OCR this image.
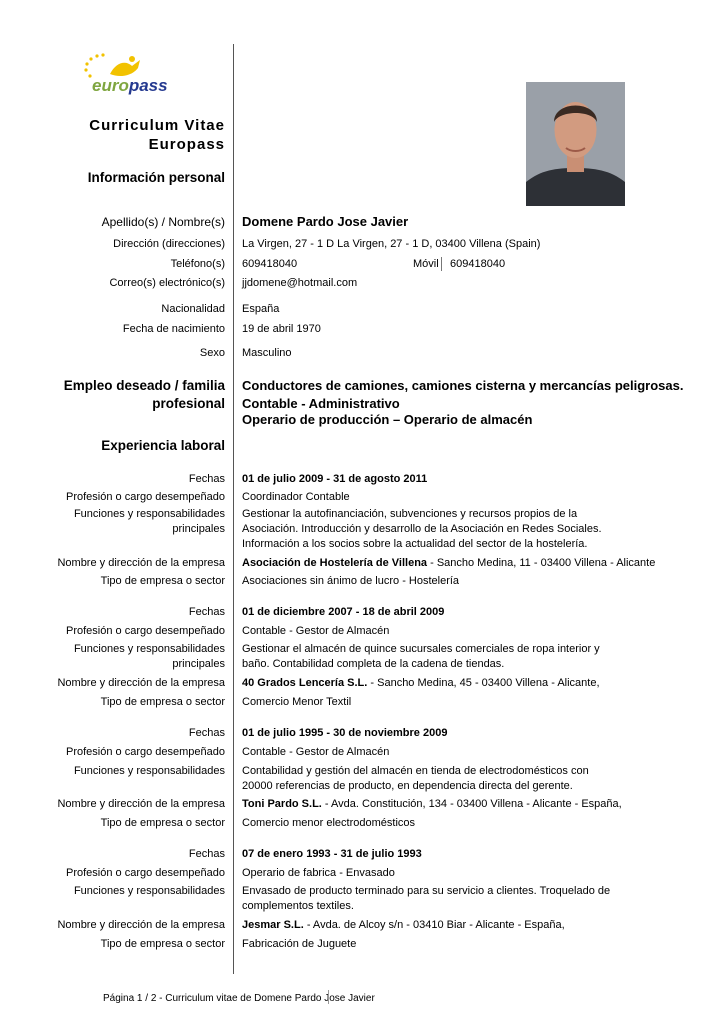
europass
Curriculum Vitae
Europass
Información personal
Apellido(s) / Nombre(s) Domene Pardo Jose Javier
Dirección (direcciones) La Virgen, 27 - 1 D La Virgen, 27 - 1 D, 03400 Villena (Spain)
Teléfono(s) 609418040	Móvil 609418040
Correo(s) electrónico(s) jjdomene@hotmail.com
Nacionalidad España
Fecha de nacimiento 19 de abril 1970
Sexo Masculino
Empleo deseado / familia
profesional
Conductores de camiones, camiones cisterna y mercancías peligrosas.
Contable - Administrativo
Operario de producción – Operario de almacén
Experiencia laboral
Fechas 01 de julio 2009 - 31 de agosto 2011
Profesión o cargo desempeñado Coordinador Contable
Funciones y responsabilidades
principales
Gestionar la autofinanciación, subvenciones y recursos propios de la Asociación. Introducción y desarrollo de la Asociación en Redes Sociales. Información a los socios sobre la actualidad del sector de la hostelería.
Nombre y dirección de la empresa Asociación de Hostelería de Villena - Sancho Medina, 11 - 03400 Villena - Alicante
Tipo de empresa o sector Asociaciones sin ánimo de lucro - Hostelería
Fechas 01 de diciembre 2007 - 18 de abril 2009
Profesión o cargo desempeñado Contable - Gestor de Almacén
Funciones y responsabilidades
principales
Gestionar el almacén de quince sucursales comerciales de ropa interior y baño. Contabilidad completa de la cadena de tiendas.
Nombre y dirección de la empresa 40 Grados Lencería S.L. - Sancho Medina, 45 - 03400 Villena - Alicante,
Tipo de empresa o sector Comercio Menor Textil
Fechas 01 de julio 1995 - 30 de noviembre 2009
Profesión o cargo desempeñado Contable - Gestor de Almacén
Funciones y responsabilidades Contabilidad y gestión del almacén en tienda de electrodomésticos con 20000 referencias de producto, en dependencia directa del gerente.
Nombre y dirección de la empresa Toni Pardo S.L. - Avda. Constitución, 134 - 03400 Villena - Alicante - España,
Tipo de empresa o sector Comercio menor electrodomésticos
Fechas 07 de enero 1993 - 31 de julio 1993
Profesión o cargo desempeñado Operario de fabrica - Envasado
Funciones y responsabilidades Envasado de producto terminado para su servicio a clientes. Troquelado de complementos textiles.
Nombre y dirección de la empresa Jesmar S.L. - Avda. de Alcoy s/n - 03410 Biar - Alicante - España,
Tipo de empresa o sector Fabricación de Juguete
Página 1 / 2 - Curriculum vitae de Domene Pardo Jose Javier
